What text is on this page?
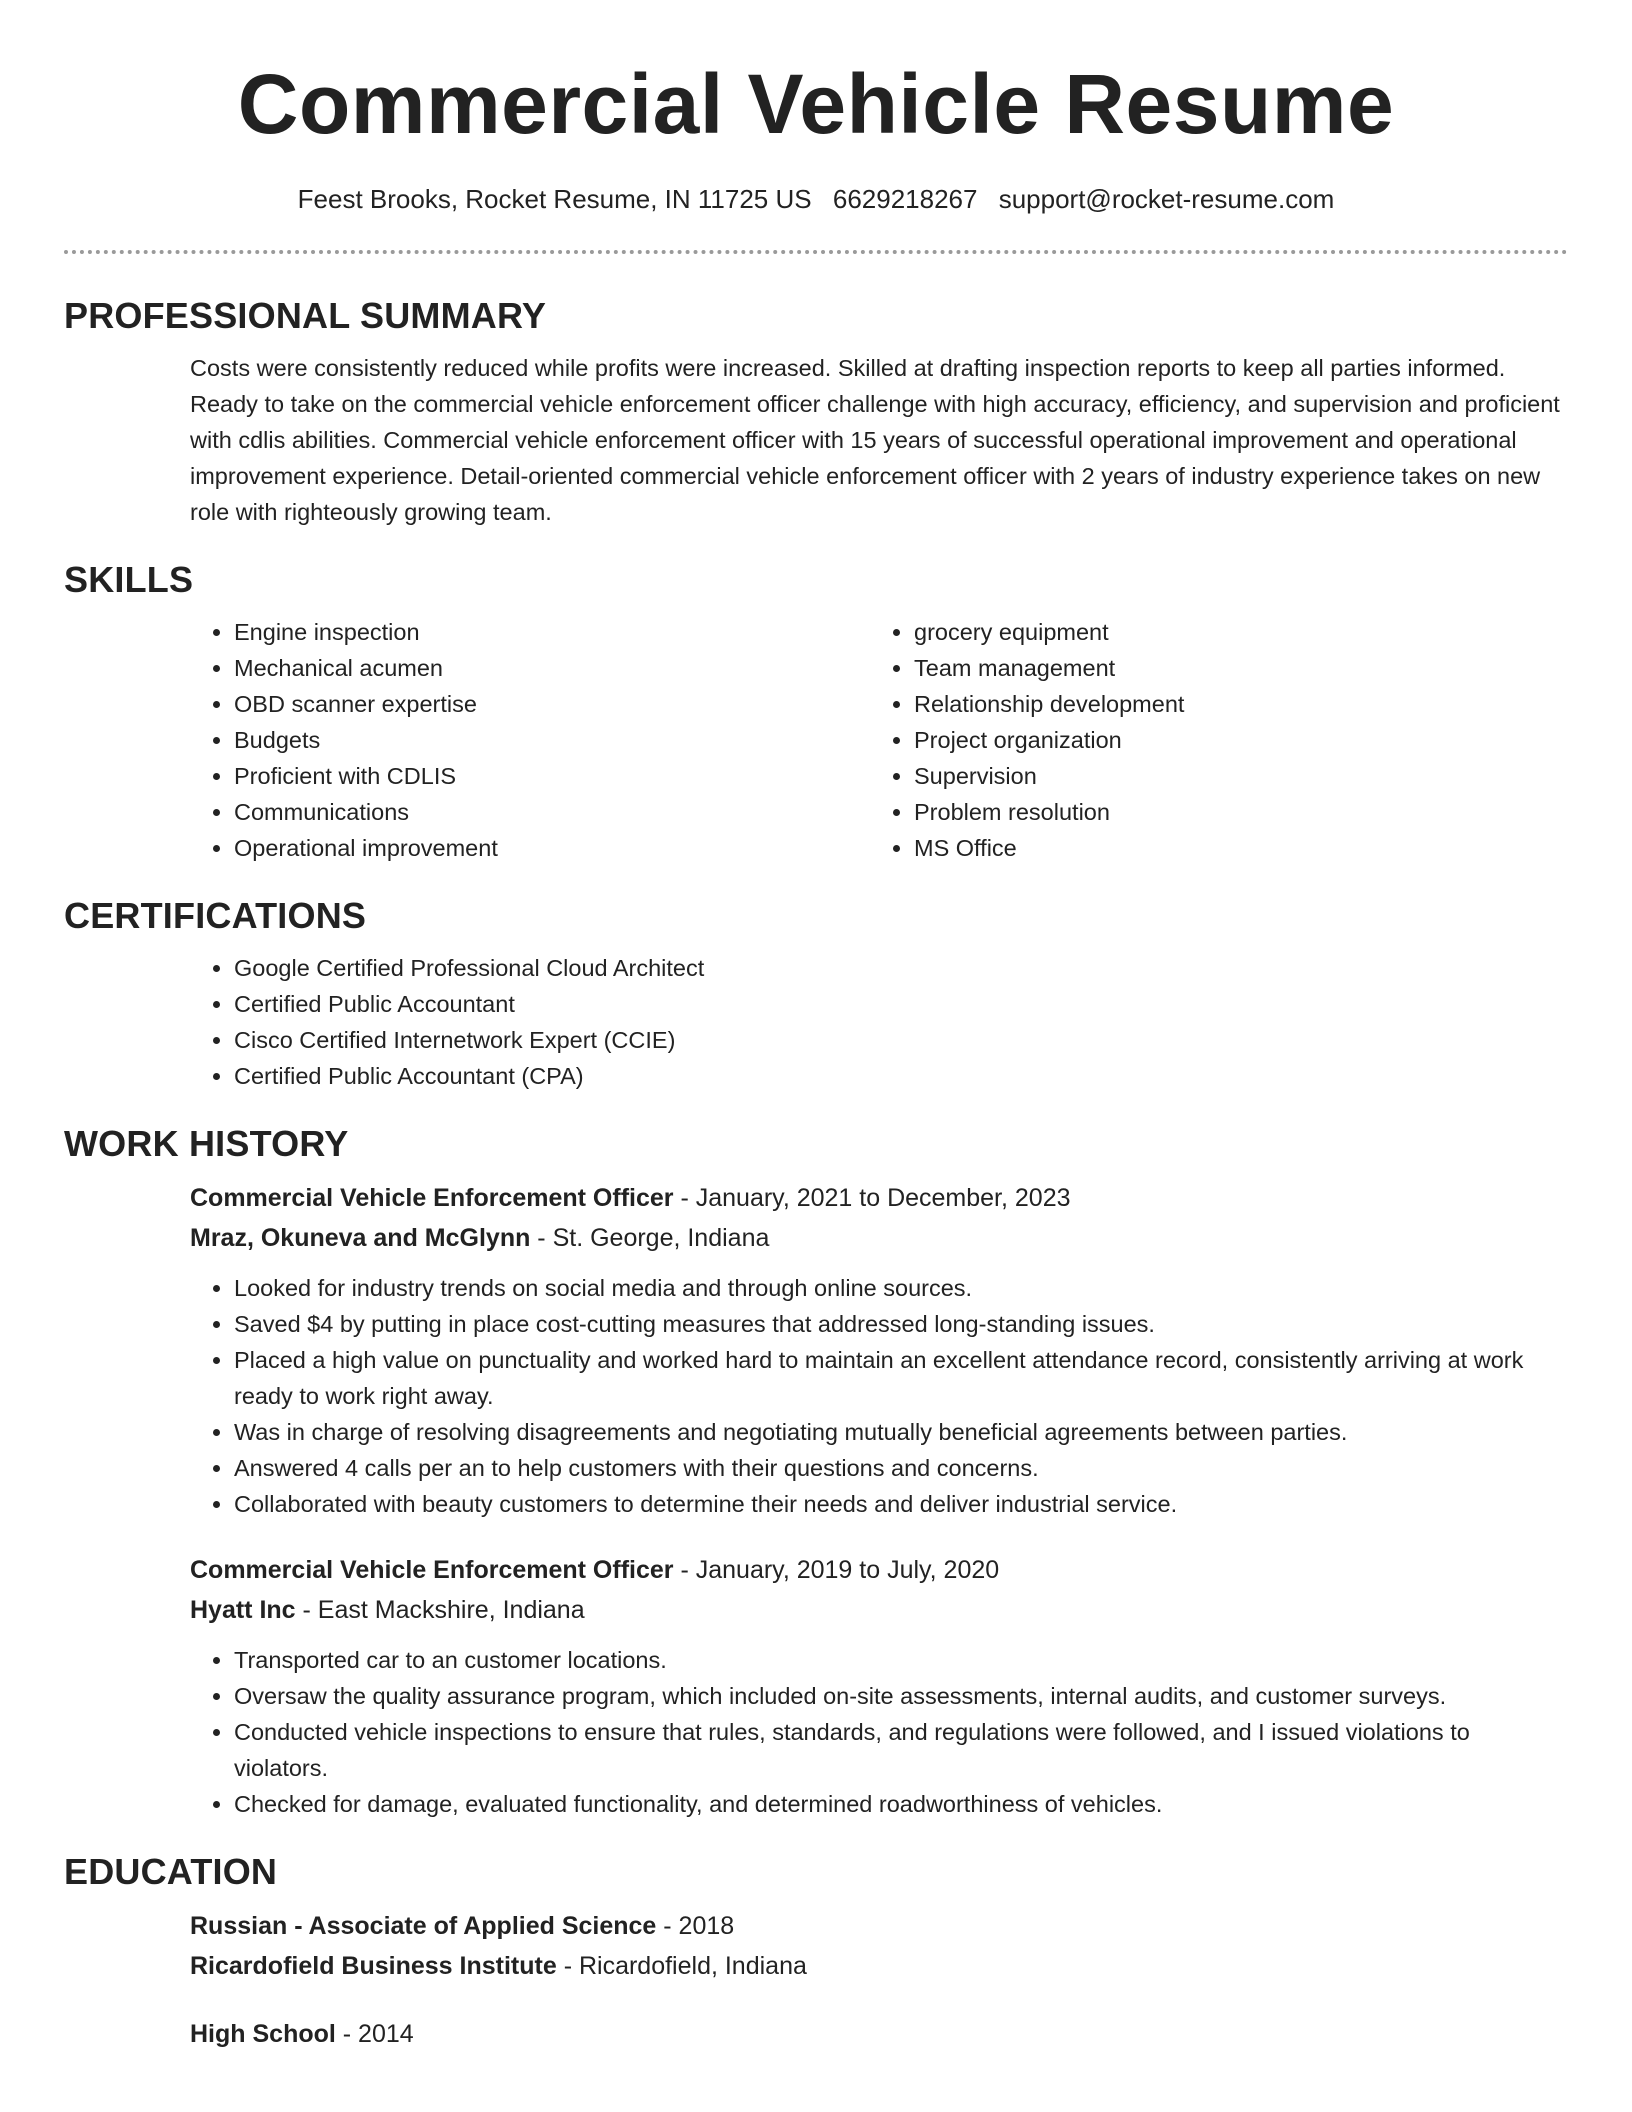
Commercial Vehicle Resume
Feest Brooks, Rocket Resume, IN 11725 US 6629218267 support@rocket-resume.com
PROFESSIONAL SUMMARY

Costs were consistently reduced while profits were increased. Skilled at drafting inspection reports to keep all parties informed. Ready to take on the commercial vehicle enforcement officer challenge with high accuracy, efficiency, and supervision and proficient with cdlis abilities. Commercial vehicle enforcement officer with 15 years of successful operational improvement and operational improvement experience. Detail-oriented commercial vehicle enforcement officer with 2 years of industry experience takes on new role with righteously growing team.

SKILLS
• Engine inspection
• Mechanical acumen
• OBD scanner expertise
• Budgets
• Proficient with CDLIS
• Communications
• Operational improvement
• grocery equipment
• Team management
• Relationship development
• Project organization
• Supervision
• Problem resolution
• MS Office
CERTIFICATIONS
• Google Certified Professional Cloud Architect
• Certified Public Accountant
• Cisco Certified Internetwork Expert (CCIE)
• Certified Public Accountant (CPA)
WORK HISTORY

Commercial Vehicle Enforcement Officer - January, 2021 to December, 2023

Mraz, Okuneva and McGlynn - St. George, Indiana

• Looked for industry trends on social media and through online sources.
• Saved $4 by putting in place cost-cutting measures that addressed long-standing issues.
• Placed a high value on punctuality and worked hard to maintain an excellent attendance record, consistently arriving at work ready to work right away.
• Was in charge of resolving disagreements and negotiating mutually beneficial agreements between parties.
• Answered 4 calls per an to help customers with their questions and concerns.
• Collaborated with beauty customers to determine their needs and deliver industrial service.

Commercial Vehicle Enforcement Officer - January, 2019 to July, 2020

Hyatt Inc - East Mackshire, Indiana

• Transported car to an customer locations.
• Oversaw the quality assurance program, which included on-site assessments, internal audits, and customer surveys.
• Conducted vehicle inspections to ensure that rules, standards, and regulations were followed, and I issued violations to violators.
• Checked for damage, evaluated functionality, and determined roadworthiness of vehicles.
EDUCATION

Russian - Associate of Applied Science - 2018

Ricardofield Business Institute - Ricardofield, Indiana

High School - 2014
